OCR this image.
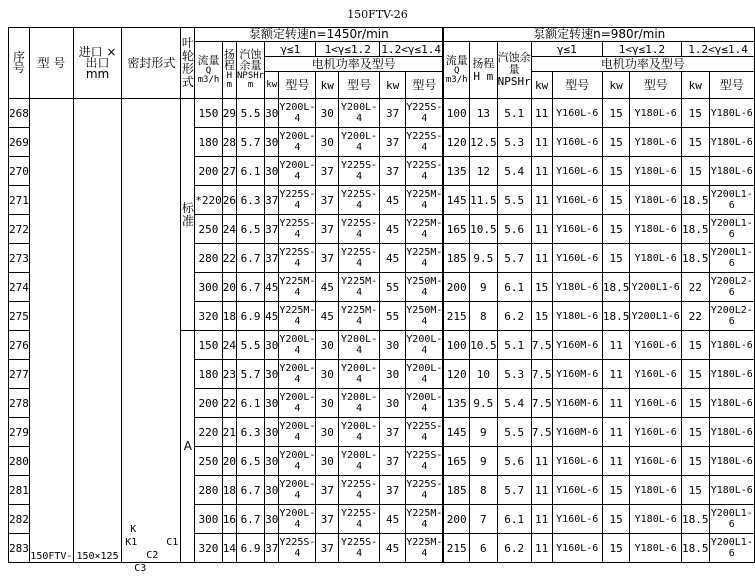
150FTV-26
序号	型 号	进口 × 出口 mm	密封形式	叶轮形式	泵额定转速n=1450r/min									泵额定转速n=980r/min								
					流量
Q
m3/h	扬程
H
m	汽蚀余量
NPSHr
m	γ≤1		1<γ≤1.2		1.2<γ≤1.4		流量
Q
m3/h	扬程 H m	汽蚀余量 NPSHr	γ≤1		1<γ≤1.2		1.2<γ≤1.4	
								电机功率及型号									电机功率及型号					
								kw	型号	kw	型号	kw	型号				kw	型号	kw	型号	kw	型号
268	150FTV-	150×125	K
K1 C1
C2
C3	标准	150	29	5.5	30	Y200L-4	30	Y200L-4	37	Y225S-4	100	13	5.1	11	Y160L-6	15	Y180L-6	15	Y180L-6
269					180	28	5.7	30	Y200L-4	30	Y200L-4	37	Y225S-4	120	12.5	5.3	11	Y160L-6	15	Y180L-6	15	Y180L-6
270					200	27	6.1	30	Y200L-4	37	Y225S-4	37	Y225S-4	135	12	5.4	11	Y160L-6	15	Y180L-6	15	Y180L-6
271					*220	26	6.3	37	Y225S-4	37	Y225S-4	45	Y225M-4	145	11.5	5.5	11	Y160L-6	15	Y180L-6	18.5	Y200L1-6
272					250	24	6.5	37	Y225S-4	37	Y225S-4	45	Y225M-4	165	10.5	5.6	11	Y160L-6	15	Y180L-6	18.5	Y200L1-6
273					280	22	6.7	37	Y225S-4	37	Y225S-4	45	Y225M-4	185	9.5	5.7	11	Y160L-6	15	Y180L-6	18.5	Y200L1-6
274					300	20	6.7	45	Y225M-4	45	Y225M-4	55	Y250M-4	200	9	6.1	15	Y180L-6	18.5	Y200L1-6	22	Y200L2-6
275					320	18	6.9	45	Y225M-4	45	Y225M-4	55	Y250M-4	215	8	6.2	15	Y180L-6	18.5	Y200L1-6	22	Y200L2-6
276				A	150	24	5.5	30	Y200L-4	30	Y200L-4	30	Y200L-4	100	10.5	5.1	7.5	Y160M-6	11	Y160L-6	15	Y180L-6
277					180	23	5.7	30	Y200L-4	30	Y200L-4	30	Y200L-4	120	10	5.3	7.5	Y160M-6	11	Y160L-6	15	Y180L-6
278					200	22	6.1	30	Y200L-4	30	Y200L-4	30	Y200L-4	135	9.5	5.4	7.5	Y160M-6	11	Y160L-6	15	Y180L-6
279					220	21	6.3	30	Y200L-4	30	Y200L-4	37	Y225S-4	145	9	5.5	7.5	Y160M-6	11	Y160L-6	15	Y180L-6
280					250	20	6.5	30	Y200L-4	30	Y200L-4	37	Y225S-4	165	9	5.6	11	Y160L-6	11	Y160L-6	15	Y180L-6
281					280	18	6.7	30	Y200L-4	37	Y225S-4	37	Y225S-4	185	8	5.7	11	Y160L-6	15	Y180L-6	15	Y180L-6
282					300	16	6.7	30	Y200L-4	37	Y225S-4	45	Y225M-4	200	7	6.1	11	Y160L-6	15	Y180L-6	18.5	Y200L1-6
283					320	14	6.9	37	Y225S-4	37	Y225S-4	45	Y225M-4	215	6	6.2	11	Y160L-6	15	Y180L-6	18.5	Y200L1-6
